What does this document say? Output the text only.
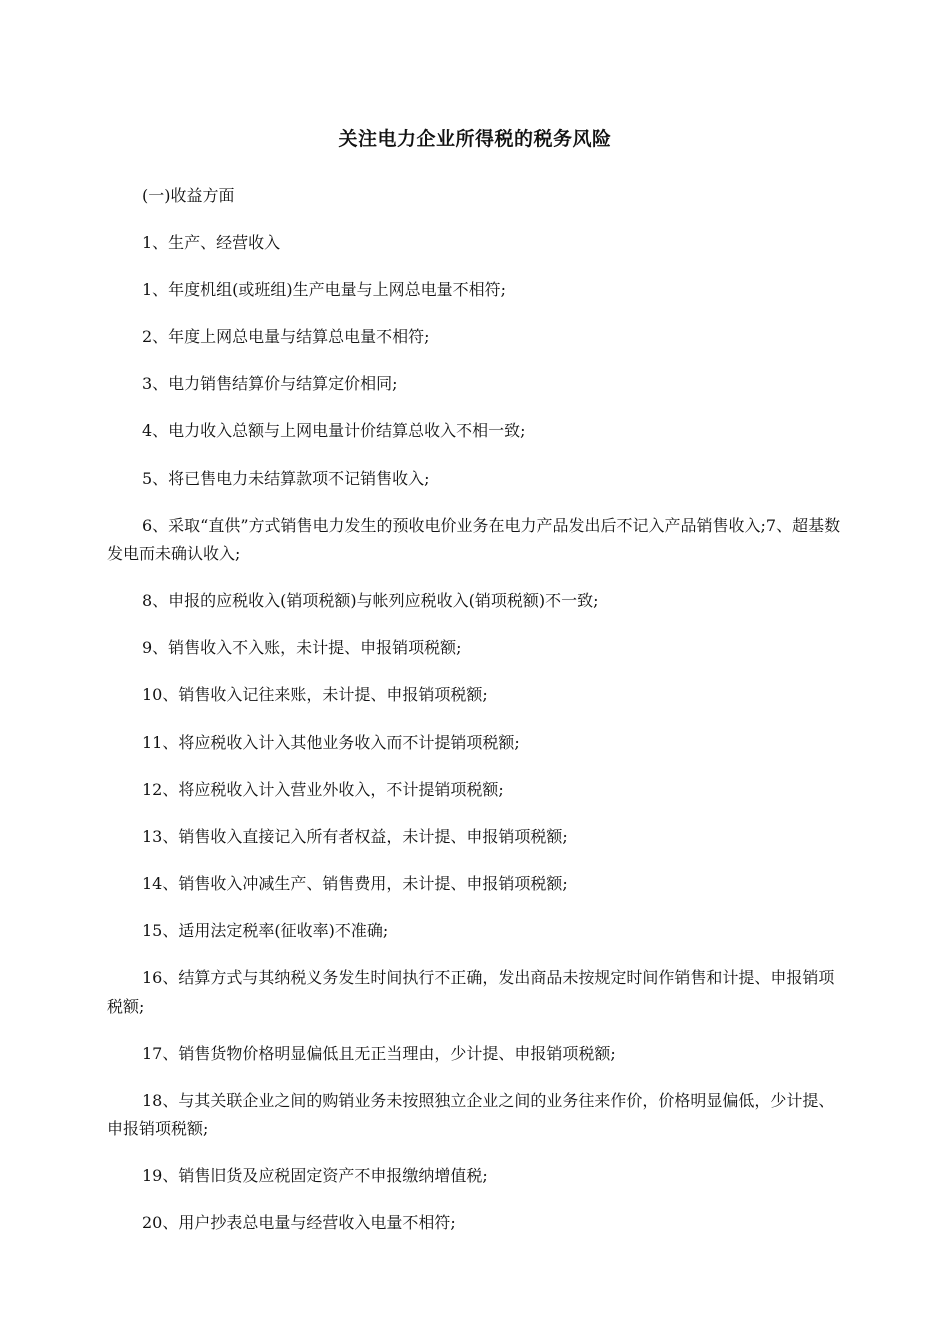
关注电力企业所得税的税务风险

(一)收益方面

1、生产、经营收入

1、年度机组(或班组)生产电量与上网总电量不相符;

2、年度上网总电量与结算总电量不相符;

3、电力销售结算价与结算定价相同;

4、电力收入总额与上网电量计价结算总收入不相一致;

5、将已售电力未结算款项不记销售收入;

6、采取“直供”方式销售电力发生的预收电价业务在电力产品发出后不记入产品销售收入;7、超基数发电而未确认收入;

8、申报的应税收入(销项税额)与帐列应税收入(销项税额)不一致;

9、销售收入不入账，未计提、申报销项税额;

10、销售收入记往来账，未计提、申报销项税额;

11、将应税收入计入其他业务收入而不计提销项税额;

12、将应税收入计入营业外收入，不计提销项税额;

13、销售收入直接记入所有者权益，未计提、申报销项税额;

14、销售收入冲减生产、销售费用，未计提、申报销项税额;

15、适用法定税率(征收率)不准确;

16、结算方式与其纳税义务发生时间执行不正确，发出商品未按规定时间作销售和计提、申报销项税额;

17、销售货物价格明显偏低且无正当理由，少计提、申报销项税额;

18、与其关联企业之间的购销业务未按照独立企业之间的业务往来作价，价格明显偏低，少计提、申报销项税额;

19、销售旧货及应税固定资产不申报缴纳增值税;

20、用户抄表总电量与经营收入电量不相符;
